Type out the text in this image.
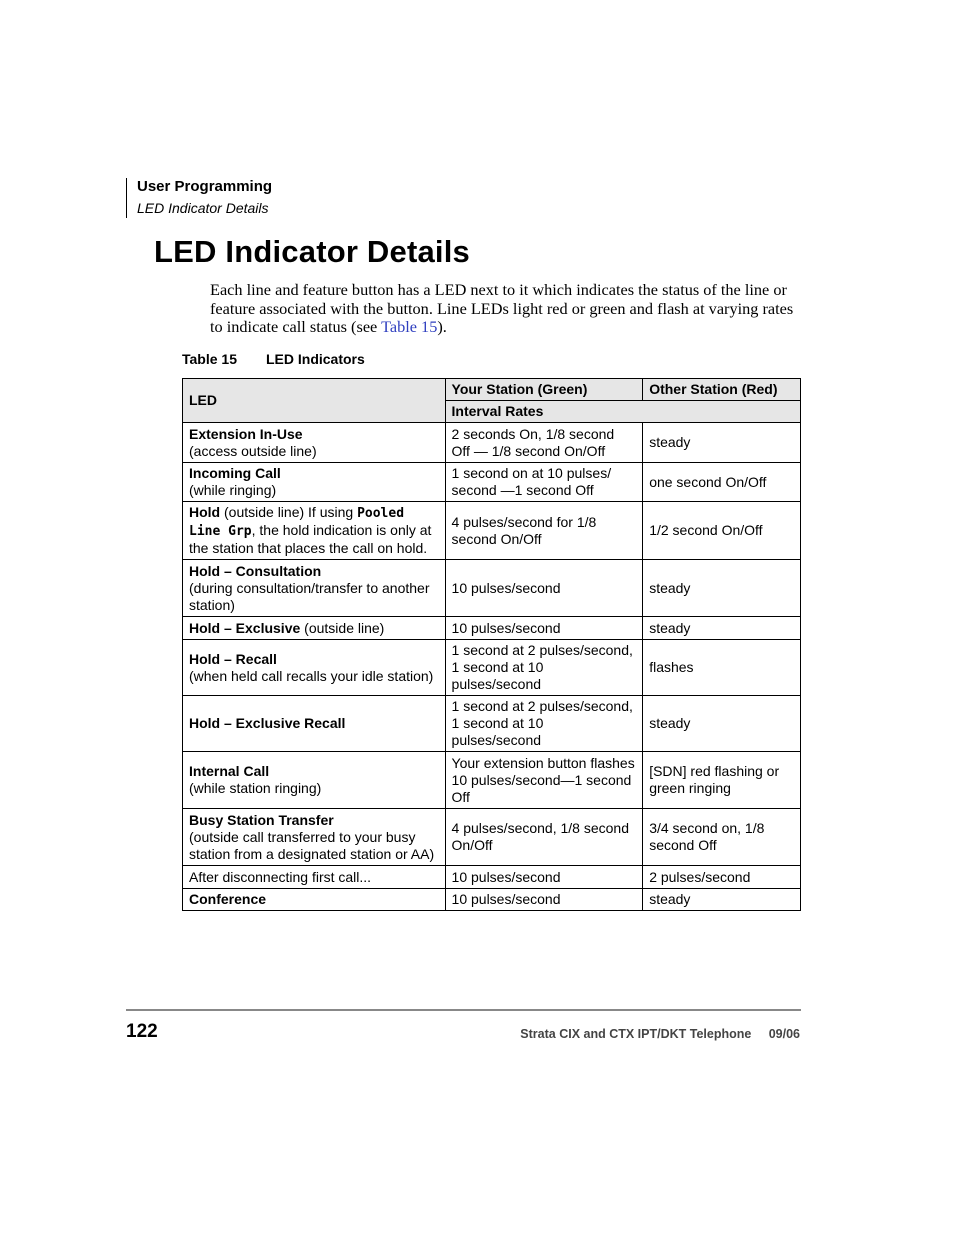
User Programming
LED Indicator Details
LED Indicator Details

Each line and feature button has a LED next to it which indicates the status of the line or feature associated with the button. Line LEDs light red or green and flash at varying rates to indicate call status (see Table 15).

Table 15 LED Indicators
LED	Your Station (Green)	Other Station (Red)
	Interval Rates	
Extension In-Use
(access outside line)	2 seconds On, 1/8 second Off — 1/8 second On/Off	steady
Incoming Call
(while ringing)	1 second on at 10 pulses/ second —1 second Off	one second On/Off
Hold (outside line) If using Pooled Line Grp, the hold indication is only at the station that places the call on hold.	4 pulses/second for 1/8 second On/Off	1/2 second On/Off
Hold – Consultation
(during consultation/transfer to another station)	10 pulses/second	steady
Hold – Exclusive (outside line)	10 pulses/second	steady
Hold – Recall
(when held call recalls your idle station)	1 second at 2 pulses/second, 1 second at 10 pulses/second	flashes
Hold – Exclusive Recall	1 second at 2 pulses/second, 1 second at 10 pulses/second	steady
Internal Call
(while station ringing)	Your extension button flashes 10 pulses/second—1 second Off	[SDN] red flashing or green ringing
Busy Station Transfer
(outside call transferred to your busy station from a designated station or AA)	4 pulses/second, 1/8 second On/Off	3/4 second on, 1/8 second Off
After disconnecting first call...	10 pulses/second	2 pulses/second
Conference	10 pulses/second	steady
122	Strata CIX and CTX IPT/DKT Telephone 09/06
